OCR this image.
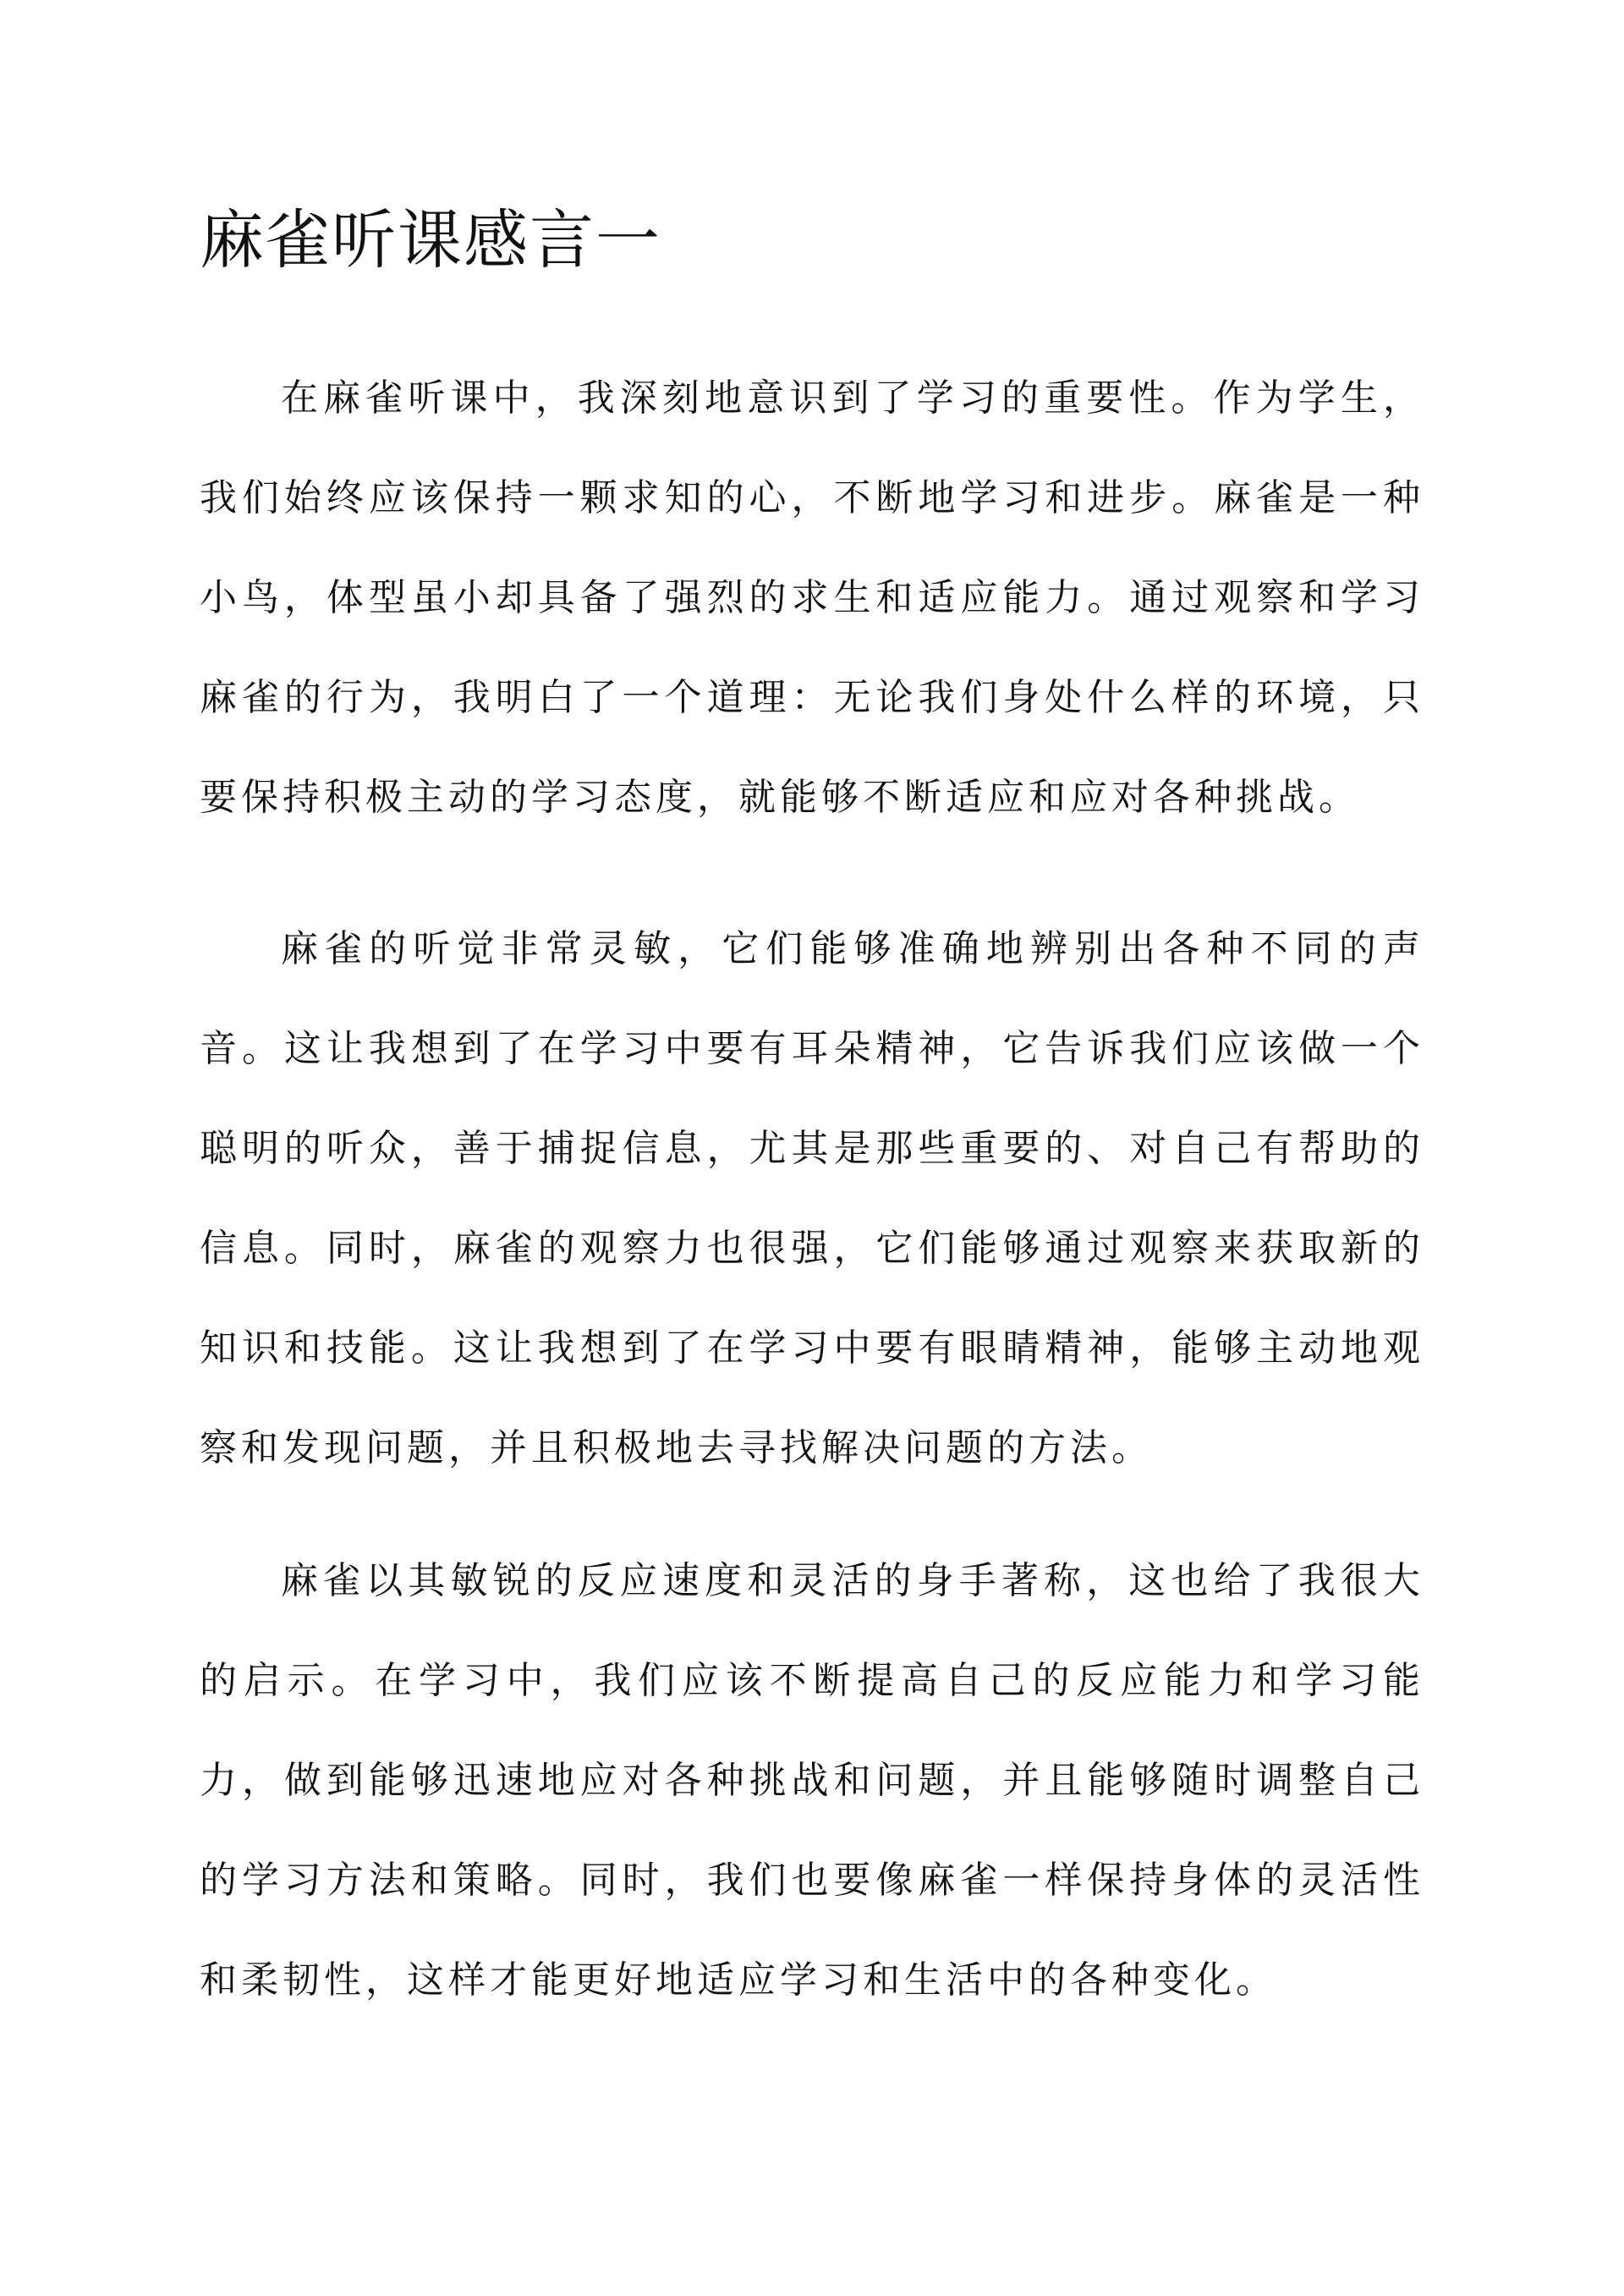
麻雀听课感言一

在麻雀听课中，我深刻地意识到了学习的重要性。作为学生，我们始终应该保持一颗求知的心，不断地学习和进步。麻雀是一种小鸟，体型虽小却具备了强烈的求生和适应能力。通过观察和学习麻雀的行为，我明白了一个道理：无论我们身处什么样的环境，只要保持积极主动的学习态度，就能够不断适应和应对各种挑战。

麻雀的听觉非常灵敏，它们能够准确地辨别出各种不同的声音。这让我想到了在学习中要有耳朵精神，它告诉我们应该做一个聪明的听众，善于捕捉信息，尤其是那些重要的、对自己有帮助的信息。同时，麻雀的观察力也很强，它们能够通过观察来获取新的知识和技能。这让我想到了在学习中要有眼睛精神，能够主动地观察和发现问题，并且积极地去寻找解决问题的方法。

麻雀以其敏锐的反应速度和灵活的身手著称，这也给了我很大的启示。在学习中，我们应该不断提高自己的反应能力和学习能力，做到能够迅速地应对各种挑战和问题，并且能够随时调整自己的学习方法和策略。同时，我们也要像麻雀一样保持身体的灵活性和柔韧性，这样才能更好地适应学习和生活中的各种变化。
